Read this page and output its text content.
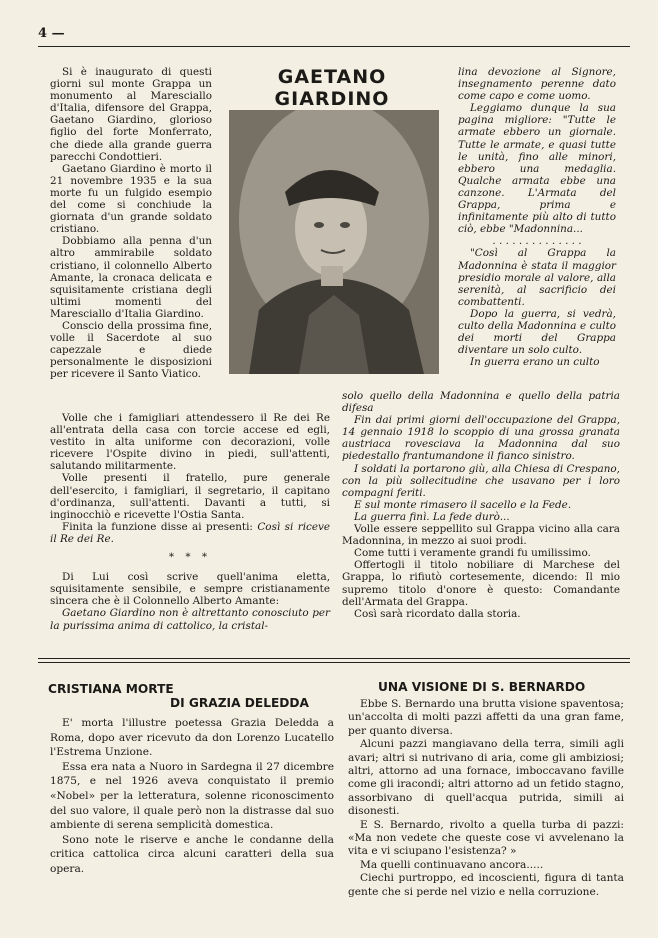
4 —
GAETANO GIARDINO

Si è inaugurato di questi giorni sul monte Grappa un monumento al Maresciallo d'Italia, difensore del Grappa, Gaetano Giardino, glorioso figlio del forte Monferrato, che diede alla grande guerra parecchi Condottieri.

Gaetano Giardino è morto il 21 novembre 1935 e la sua morte fu un fulgido esempio del come si conchiude la giornata d'un grande soldato cristiano.

Dobbiamo alla penna d'un altro ammirabile soldato cristiano, il colonnello Alberto Amante, la cronaca delicata e squisitamente cristiana degli ultimi momenti del Maresciallo d'Italia Giardino.

Conscio della prossima fine, volle il Sacerdote al suo capezzale e diede personalmente le disposizioni per ricevere il Santo Viatico.

Volle che i famigliari attendessero il Re dei Re all'entrata della casa con torcie accese ed egli, vestito in alta uniforme con decorazioni, volle ricevere l'Ospite divino in piedi, sull'attenti, salutando militarmente.

Volle presenti il fratello, pure generale dell'esercito, i famigliari, il segretario, il capitano d'ordinanza, sull'attenti. Davanti a tutti, si inginocchiò e ricevette l'Ostia Santa.

Finita la funzione disse ai presenti: Così si riceve il Re dei Re.

* * *

Di Lui così scrive quell'anima eletta, squisitamente sensibile, e sempre cristianamente sincera che è il Colonnello Alberto Amante:

Gaetano Giardino non è altrettanto conosciuto per la purissima anima di cattolico, la cristal-

lina devozione al Signore, insegnamento perenne dato come capo e come uomo.

Leggiamo dunque la sua pagina migliore: "Tutte le armate ebbero un giornale. Tutte le armate, e quasi tutte le unità, fino alle minori, ebbero una medaglia. Qualche armata ebbe una canzone. L'Armata del Grappa, prima e infinitamente più alto di tutto ciò, ebbe "Madonnina...

. . . . . . . . . . . . . .

"Così al Grappa la Madonnina è stata il maggior presidio morale al valore, alla serenità, al sacrificio dei combattenti.

Dopo la guerra, si vedrà, culto della Madonnina e culto dei morti del Grappa diventare un solo culto.

In guerra erano un culto

solo quello della Madonnina e quello della patria difesa

Fin dai primi giorni dell'occupazione del Grappa, 14 gennaio 1918 lo scoppio di una grossa granata austriaca rovesciava la Madonnina dal suo piedestallo frantumandone il fianco sinistro.

I soldati la portarono giù, alla Chiesa di Crespano, con la più sollecitudine che usavano per i loro compagni feriti.

E sul monte rimasero il sacello e la Fede.

La guerra finì. La fede durò...

Volle essere seppellito sul Grappa vicino alla cara Madonnina, in mezzo ai suoi prodi.

Come tutti i veramente grandi fu umilissimo.

Offertogli il titolo nobiliare di Marchese del Grappa, lo rifiutò cortesemente, dicendo: Il mio supremo titolo d'onore è questo: Comandante dell'Armata del Grappa.

Così sarà ricordato dalla storia.

CRISTIANA MORTE
DI GRAZIA DELEDDA

E' morta l'illustre poetessa Grazia Deledda a Roma, dopo aver ricevuto da don Lorenzo Lucatello l'Estrema Unzione.

Essa era nata a Nuoro in Sardegna il 27 dicembre 1875, e nel 1926 aveva conquistato il premio «Nobel» per la letteratura, solenne riconoscimento del suo valore, il quale però non la distrasse dal suo ambiente di serena semplicità domestica.

Sono note le riserve e anche le condanne della critica cattolica circa alcuni caratteri della sua opera.

UNA VISIONE DI S. BERNARDO

Ebbe S. Bernardo una brutta visione spaventosa; un'accolta di molti pazzi affetti da una gran fame, per quanto diversa.

Alcuni pazzi mangiavano della terra, simili agli avari; altri si nutrivano di aria, come gli ambiziosi; altri, attorno ad una fornace, imboccavano faville come gli iracondi; altri attorno ad un fetido stagno, assorbivano di quell'acqua putrida, simili ai disonesti.

E S. Bernardo, rivolto a quella turba di pazzi: «Ma non vedete che queste cose vi avvelenano la vita e vi sciupano l'esistenza? »

Ma quelli continuavano ancora.....

Ciechi purtroppo, ed incoscienti, figura di tanta gente che si perde nel vizio e nella corruzione.
